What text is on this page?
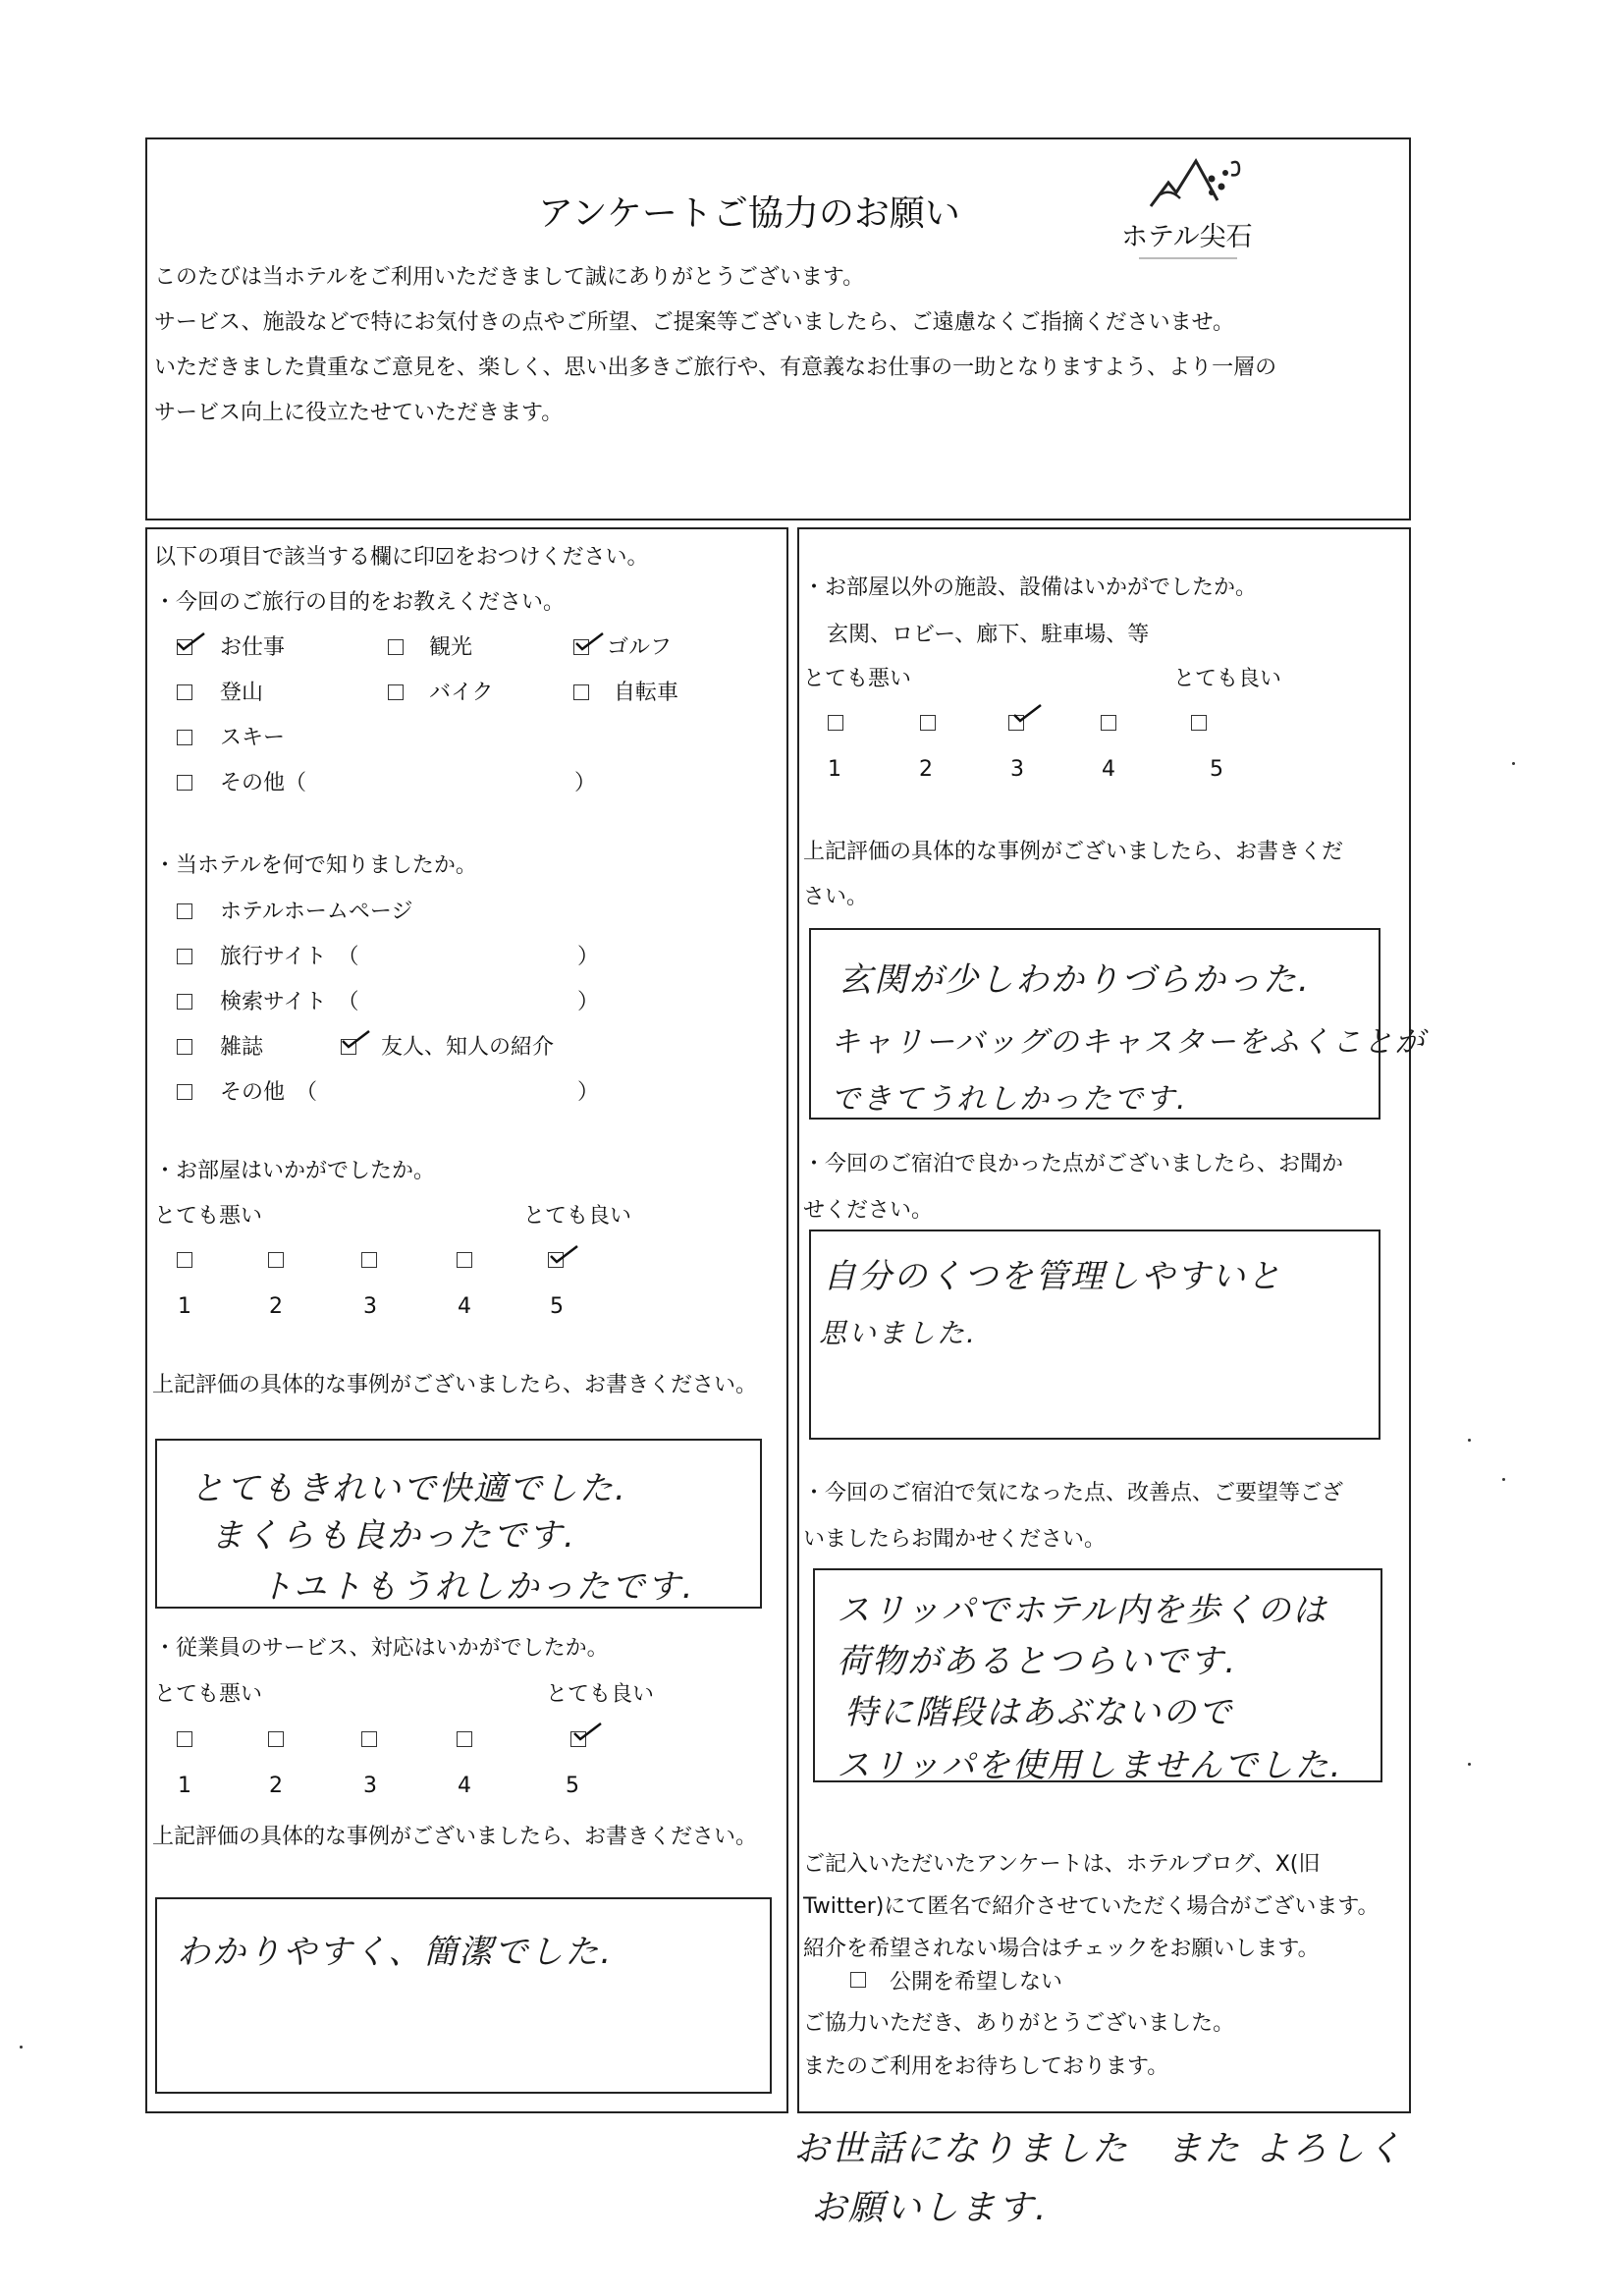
アンケートご協力のお願い
ホテル尖石
このたびは当ホテルをご利用いただきまして誠にありがとうございます。
サービス、施設などで特にお気付きの点やご所望、ご提案等ございましたら、ご遠慮なくご指摘くださいませ。
いただきました貴重なご意見を、楽しく、思い出多きご旅行や、有意義なお仕事の一助となりますよう、より一層の
サービス向上に役立たせていただきます。
以下の項目で該当する欄に印☑をおつけください。
・今回のご旅行の目的をお教えください。
お仕事	観光	ゴルフ
登山	バイク	自転車
スキー
その他（	）
・当ホテルを何で知りましたか。
ホテルホームページ
旅行サイト　（	）
検索サイト　（	）
雑誌	友人、知人の紹介
その他　（	）
・お部屋はいかがでしたか。
とても悪い	とても良い
1	2	3	4	5
上記評価の具体的な事例がございましたら、お書きください。
とてもきれいで快適でした.
まくらも良かったです.
トユトもうれしかったです.
・従業員のサービス、対応はいかがでしたか。
とても悪い	とても良い
1	2	3	4	5
上記評価の具体的な事例がございましたら、お書きください。
わかりやすく、簡潔でした.
・お部屋以外の施設、設備はいかがでしたか。
玄関、ロビー、廊下、駐車場、等
とても悪い	とても良い
1	2	3	4	5
上記評価の具体的な事例がございましたら、お書きくだ
さい。
玄関が少しわかりづらかった.
キャリーバッグのキャスターをふくことが
できてうれしかったです.
・今回のご宿泊で良かった点がございましたら、お聞か
せください。
自分のくつを管理しやすいと
思いました.
・今回のご宿泊で気になった点、改善点、ご要望等ござ
いましたらお聞かせください。
スリッパでホテル内を歩くのは
荷物があるとつらいです.
特に階段はあぶないので
スリッパを使用しませんでした.
ご記入いただいたアンケートは、ホテルブログ、X(旧
Twitter)にて匿名で紹介させていただく場合がございます。
紹介を希望されない場合はチェックをお願いします。
公開を希望しない
ご協力いただき、ありがとうございました。
またのご利用をお待ちしております。
お世話になりました　また よろしく
お願いします.
